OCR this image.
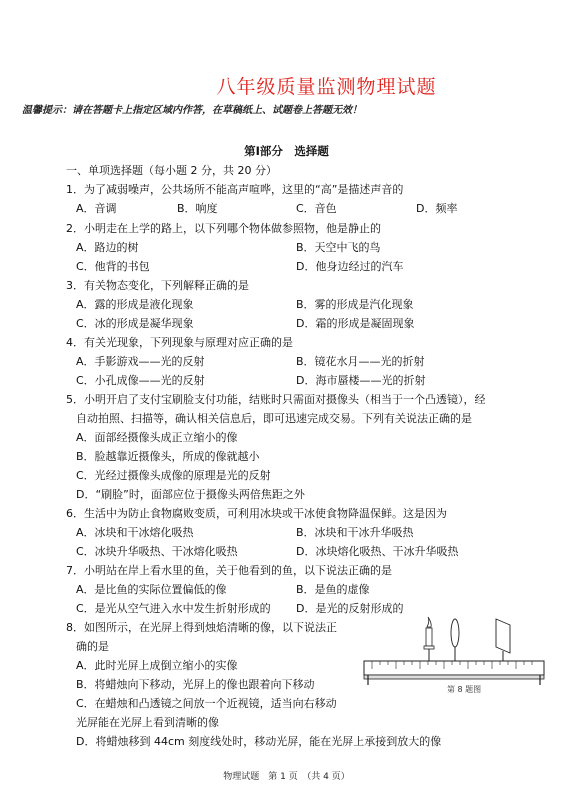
八年级质量监测物理试题
温馨提示：请在答题卡上指定区域内作答，在草稿纸上、试题卷上答题无效！
第Ⅰ部分　选择题
一、单项选择题（每小题 2 分，共 20 分）
1．为了减弱噪声，公共场所不能高声喧哗，这里的“高”是描述声音的
A．音调	B．响度	C．音色	D．频率
2．小明走在上学的路上，以下列哪个物体做参照物，他是静止的
A．路边的树	B．天空中飞的鸟
C．他背的书包	D．他身边经过的汽车
3．有关物态变化，下列解释正确的是
A．露的形成是液化现象	B．雾的形成是汽化现象
C．冰的形成是凝华现象	D．霜的形成是凝固现象
4．有关光现象，下列现象与原理对应正确的是
A．手影游戏——光的反射	B．镜花水月——光的折射
C．小孔成像——光的反射	D．海市蜃楼——光的折射
5．小明开启了支付宝刷脸支付功能，结账时只需面对摄像头（相当于一个凸透镜），经
自动拍照、扫描等，确认相关信息后，即可迅速完成交易。下列有关说法正确的是
A．面部经摄像头成正立缩小的像
B．脸越靠近摄像头，所成的像就越小
C．光经过摄像头成像的原理是光的反射
D．“刷脸”时，面部应位于摄像头两倍焦距之外
6．生活中为防止食物腐败变质，可利用冰块或干冰使食物降温保鲜。这是因为
A．冰块和干冰熔化吸热	B．冰块和干冰升华吸热
C．冰块升华吸热、干冰熔化吸热	D．冰块熔化吸热、干冰升华吸热
7．小明站在岸上看水里的鱼，关于他看到的鱼，以下说法正确的是
A．是比鱼的实际位置偏低的像	B．是鱼的虚像
C．是光从空气进入水中发生折射形成的 D．是光的反射形成的
8．如图所示，在光屏上得到烛焰清晰的像，以下说法正
确的是
A．此时光屏上成倒立缩小的实像
B．将蜡烛向下移动，光屏上的像也跟着向下移动
C．在蜡烛和凸透镜之间放一个近视镜，适当向右移动
光屏能在光屏上看到清晰的像
D．将蜡烛移到 44cm 刻度线处时，移动光屏，能在光屏上承接到放大的像
第 8 题图
物理试题　第 1 页　（共 4 页）
